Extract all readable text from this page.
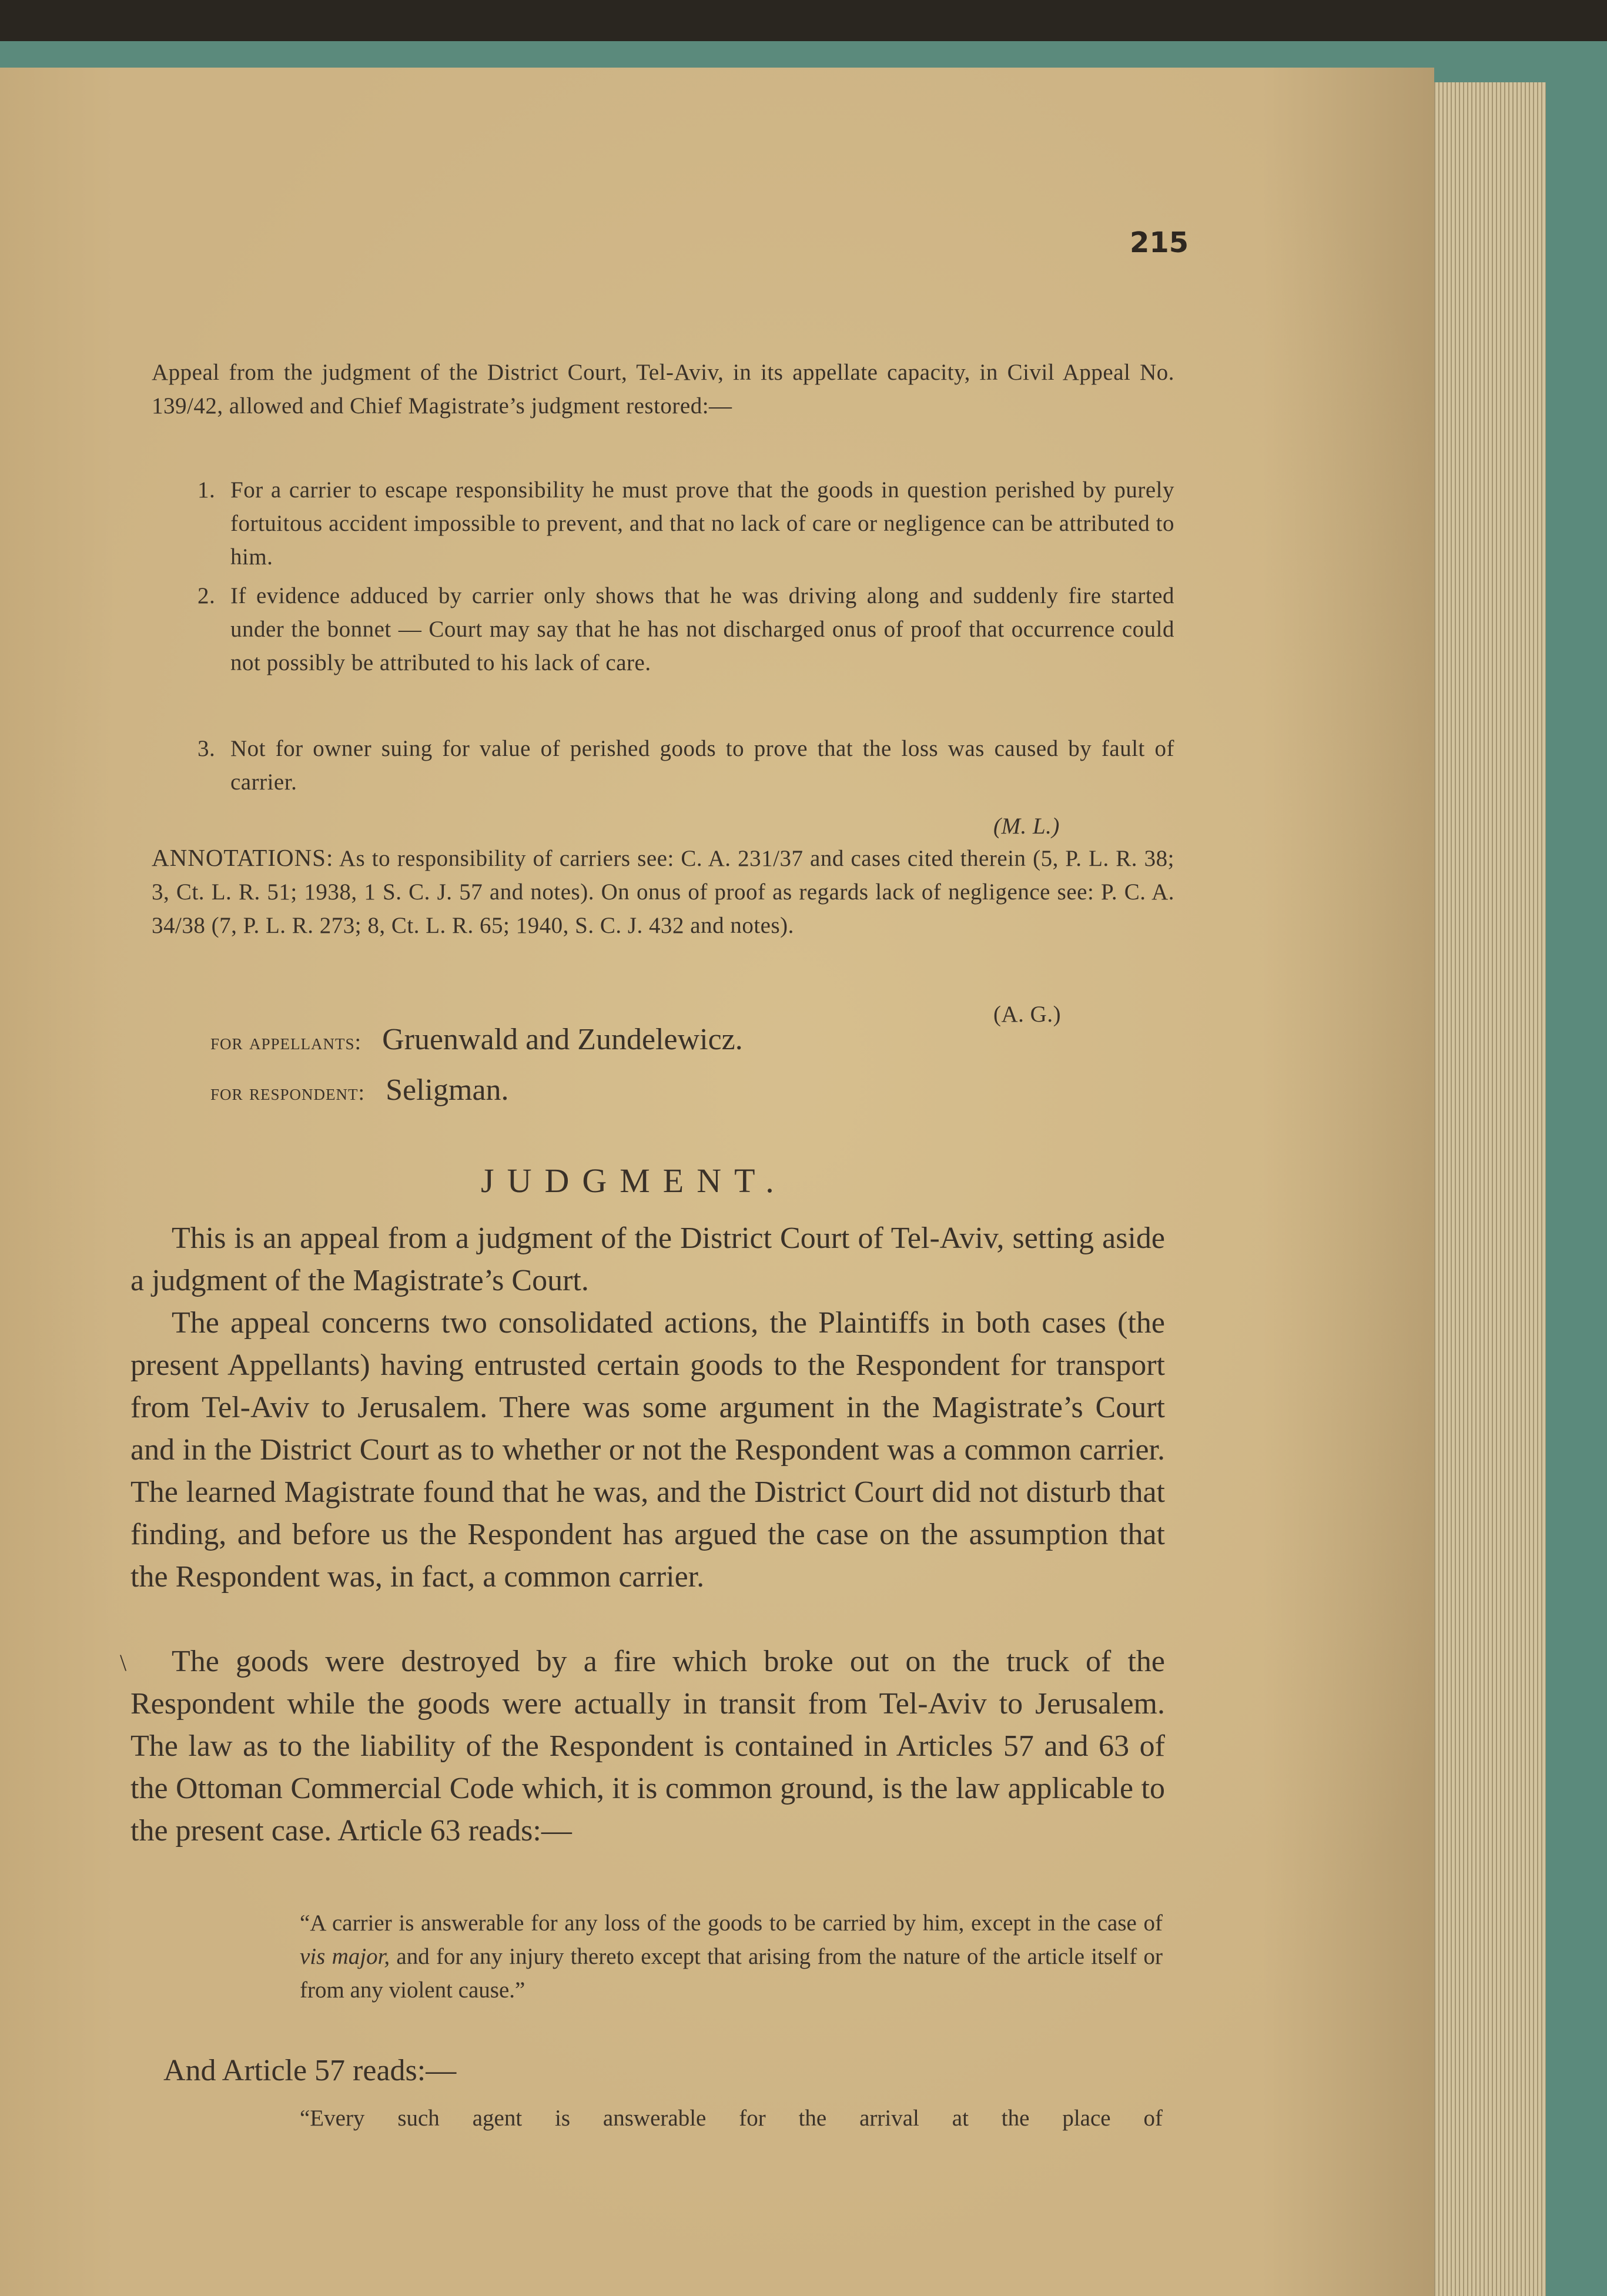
215
Appeal from the judgment of the District Court, Tel-Aviv, in its appellate capacity, in Civil Appeal No. 139/42, allowed and Chief Magistrate’s judgment restored:—
1. For a carrier to escape responsibility he must prove that the goods in question perished by purely fortuitous accident impossible to prevent, and that no lack of care or negligence can be attributed to him.
2. If evidence adduced by carrier only shows that he was driving along and suddenly fire started under the bonnet — Court may say that he has not discharged onus of proof that occurrence could not possibly be attributed to his lack of care.
3. Not for owner suing for value of perished goods to prove that the loss was caused by fault of carrier.
(M. L.)
ANNOTATIONS: As to responsibility of carriers see: C. A. 231/37 and cases cited therein (5, P. L. R. 38; 3, Ct. L. R. 51; 1938, 1 S. C. J. 57 and notes). On onus of proof as regards lack of negligence see: P. C. A. 34/38 (7, P. L. R. 273; 8, Ct. L. R. 65; 1940, S. C. J. 432 and notes).
(A. G.)
for appellants: Gruenwald and Zundelewicz.
for respondent: Seligman.
JUDGMENT.

This is an appeal from a judgment of the District Court of Tel-Aviv, setting aside a judgment of the Magistrate’s Court.

The appeal concerns two consolidated actions, the Plaintiffs in both cases (the present Appellants) having entrusted certain goods to the Respondent for transport from Tel-Aviv to Jerusalem. There was some argument in the Magistrate’s Court and in the District Court as to whether or not the Respondent was a common carrier. The learned Magistrate found that he was, and the District Court did not disturb that finding, and before us the Respondent has argued the case on the assumption that the Respondent was, in fact, a common carrier.

The goods were destroyed by a fire which broke out on the truck of the Respondent while the goods were actually in transit from Tel-Aviv to Jerusalem. The law as to the liability of the Respondent is contained in Articles 57 and 63 of the Ottoman Commercial Code which, it is common ground, is the law applicable to the present case. Article 63 reads:—

“A carrier is answerable for any loss of the goods to be carried by him, except in the case of vis major, and for any injury thereto except that arising from the nature of the article itself or from any violent cause.”
And Article 57 reads:—
“Every such agent is answerable for the arrival at the place of
\
